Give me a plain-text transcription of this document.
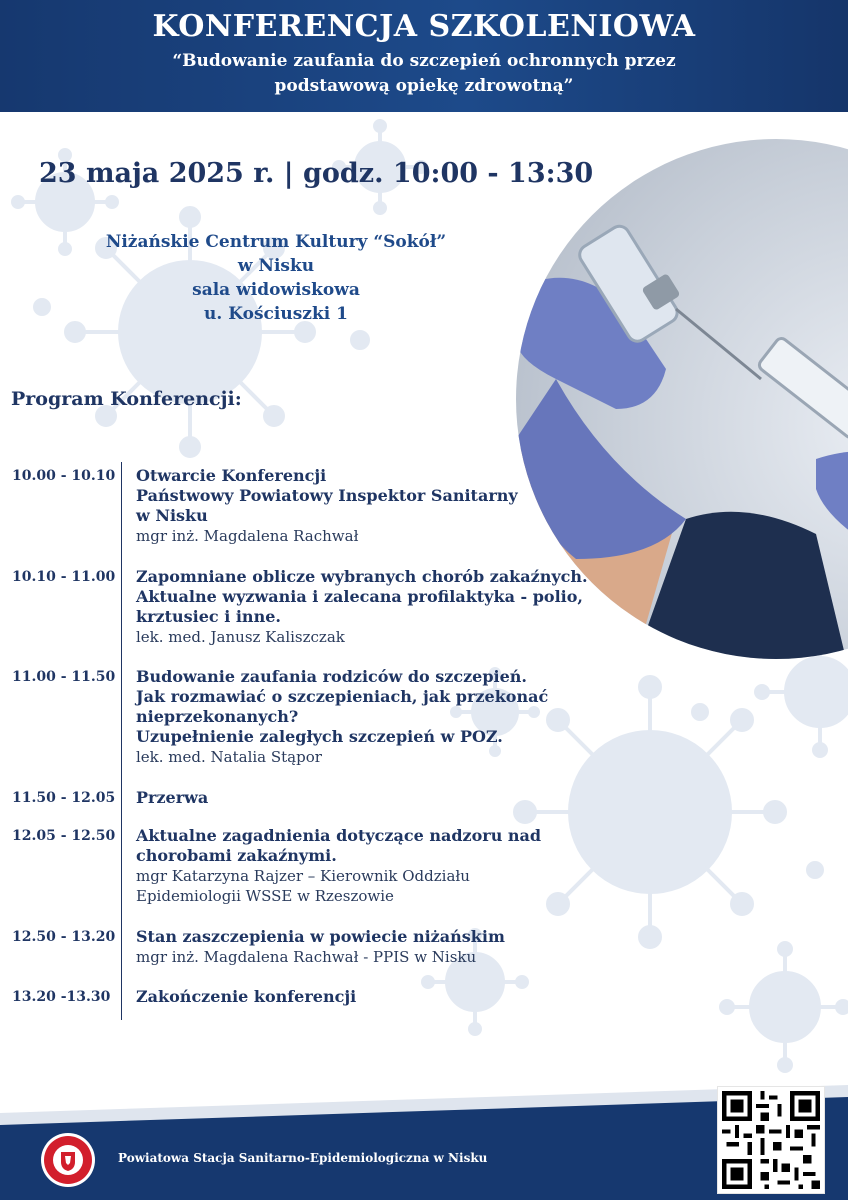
KONFERENCJA SZKOLENIOWA
“Budowanie zaufania do szczepień ochronnych przez podstawową opiekę zdrowotną”
23 maja 2025 r. | godz. 10:00 - 13:30
Niżańskie Centrum Kultury “Sokół”
w Nisku
sala widowiskowa
u. Kościuszki 1
Program Konferencji:
10.00 - 10.10 Otwarcie Konferencji
Państwowy Powiatowy Inspektor Sanitarny
w Nisku
mgr inż. Magdalena Rachwał
10.10 - 11.00 Zapomniane oblicze wybranych chorób zakaźnych.
Aktualne wyzwania i zalecana profilaktyka - polio,
krztusiec i inne.
lek. med. Janusz Kaliszczak
11.00 - 11.50 Budowanie zaufania rodziców do szczepień.
Jak rozmawiać o szczepieniach, jak przekonać
nieprzekonanych?
Uzupełnienie zaległych szczepień w POZ.
lek. med. Natalia Stąpor
11.50 - 12.05 Przerwa
12.05 - 12.50 Aktualne zagadnienia dotyczące nadzoru nad
chorobami zakaźnymi.
mgr Katarzyna Rajzer – Kierownik Oddziału
Epidemiologii WSSE w Rzeszowie
12.50 - 13.20 Stan zaszczepienia w powiecie niżańskim
mgr inż. Magdalena Rachwał - PPIS w Nisku
13.20 -13.30	Zakończenie konferencji
Powiatowa Stacja Sanitarno-Epidemiologiczna w Nisku
